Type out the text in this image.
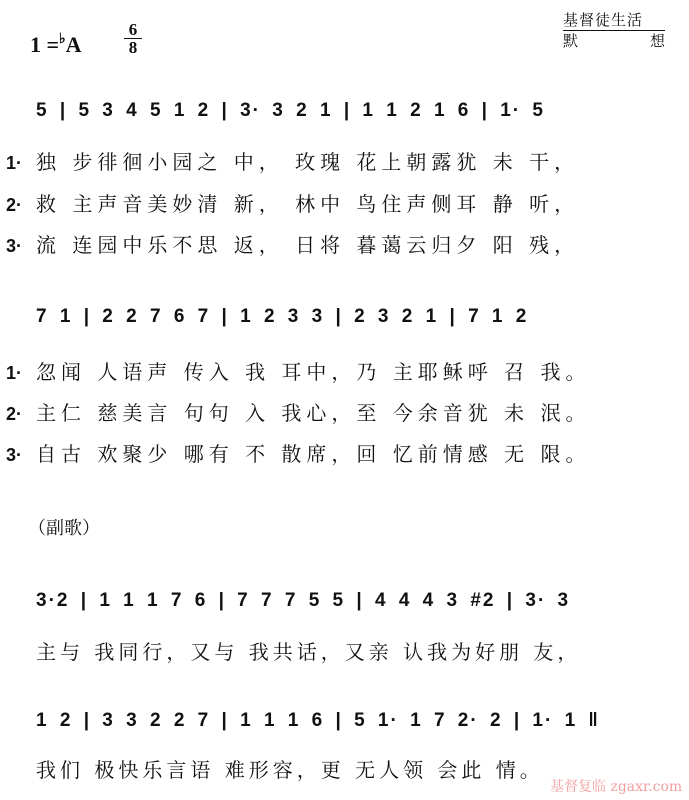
1 =♭A
6
8
基督徒生活
默	想
5 | 5 3 4 5 1 2 | 3· 3 2 1 | 1 1 2 1 6 | 1· 5
1· 独 步徘徊小园之 中， 玫瑰 花上朝露犹 未 干，
2· 救 主声音美妙清 新， 林中 鸟住声侧耳 静 听，
3· 流 连园中乐不思 返， 日将 暮蔼云归夕 阳 残，
7 1 | 2 2 7 6 7 | 1 2 3 3 | 2 3 2 1 | 7 1 2
1· 忽闻 人语声 传入 我 耳中，乃 主耶稣呼 召 我。
2· 主仁 慈美言 句句 入 我心，至 今余音犹 未 泯。
3· 自古 欢聚少 哪有 不 散席，回 忆前情感 无 限。
（副歌）
3·2 | 1 1 1 7 6 | 7 7 7 5 5 | 4 4 4 3 #2 | 3· 3
主与 我同行，又与 我共话，又亲 认我为好朋 友，
1 2 | 3 3 2 2 7 | 1 1 1 6 | 5 1· 1 7 2· 2 | 1· 1 ‖
我们 极快乐言语 难形容，更 无人领 会此 情。
基督复临 zgaxr.com
